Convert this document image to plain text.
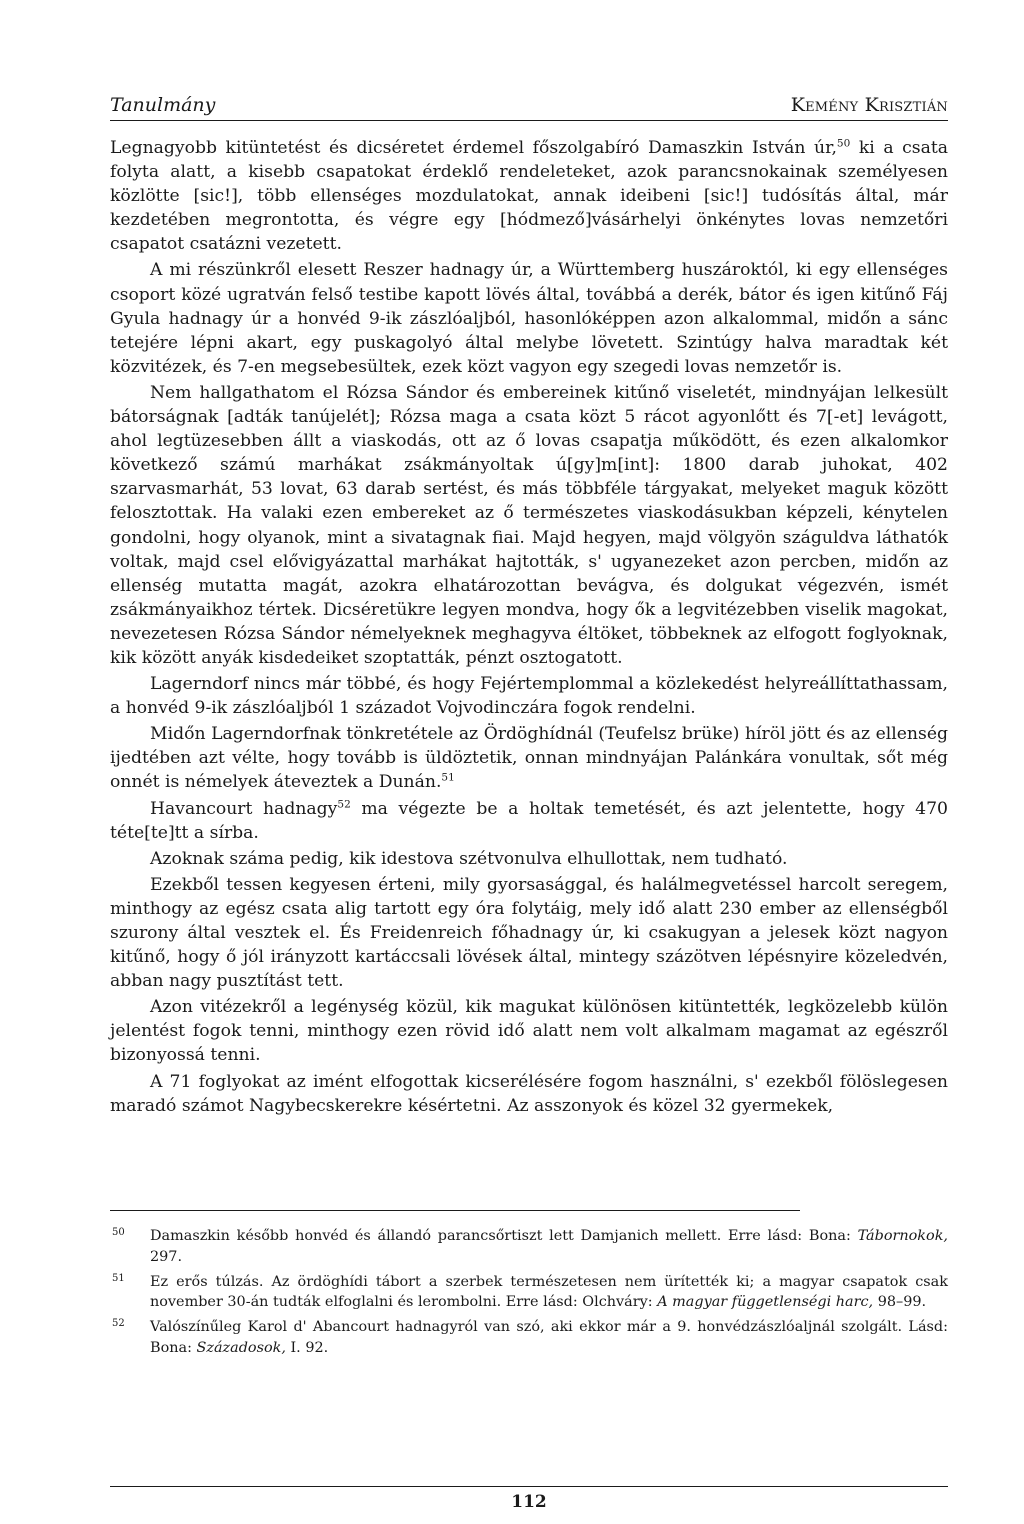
Tanulmány	Kemény Krisztián

Legnagyobb kitüntetést és dicséretet érdemel főszolgabíró Damaszkin István úr,$^{50}$ ki a csata folyta alatt, a kisebb csapatokat érdeklő rendeleteket, azok parancsnokainak személyesen közlötte [sic!], több ellenséges mozdulatokat, annak ideibeni [sic!] tudósítás által, már kezdetében megrontotta, és végre egy [hódmező]vásárhelyi önkénytes lovas nemzetőri csapatot csatázni vezetett.

A mi részünkről elesett Reszer hadnagy úr, a Württemberg huszároktól, ki egy ellenséges csoport közé ugratván felső testibe kapott lövés által, továbbá a derék, bátor és igen kitűnő Fáj Gyula hadnagy úr a honvéd 9-ik zászlóaljból, hasonlóképpen azon alkalommal, midőn a sánc tetejére lépni akart, egy puskagolyó által melybe lövetett. Szintúgy halva maradtak két közvitézek, és 7-en megsebesültek, ezek közt vagyon egy szegedi lovas nemzetőr is.

Nem hallgathatom el Rózsa Sándor és embereinek kitűnő viseletét, mindnyájan lelkesült bátorságnak [adták tanújelét]; Rózsa maga a csata közt 5 rácot agyonlőtt és 7[-et] levágott, ahol legtüzesebben állt a viaskodás, ott az ő lovas csapatja működött, és ezen alkalomkor következő számú marhákat zsákmányoltak ú[gy]m[int]: 1800 darab juhokat, 402 szarvasmarhát, 53 lovat, 63 darab sertést, és más többféle tárgyakat, melyeket maguk között felosztottak. Ha valaki ezen embereket az ő természetes viaskodásukban képzeli, kénytelen gondolni, hogy olyanok, mint a sivatagnak fiai. Majd hegyen, majd völgyön száguldva láthatók voltak, majd csel elővigyázattal marhákat hajtották, s' ugyanezeket azon percben, midőn az ellenség mutatta magát, azokra elhatározottan bevágva, és dolgukat végezvén, ismét zsákmányaikhoz tértek. Dicséretükre legyen mondva, hogy ők a legvitézebben viselik magokat, nevezetesen Rózsa Sándor némelyeknek meghagyva éltöket, többeknek az elfogott foglyoknak, kik között anyák kisdedeiket szoptatták, pénzt osztogatott.

Lagerndorf nincs már többé, és hogy Fejértemplommal a közlekedést helyreállíttathassam, a honvéd 9-ik zászlóaljból 1 századot Vojvodinczára fogok rendelni.

Midőn Lagerndorfnak tönkretétele az Ördöghídnál (Teufelsz brüke) híröl jött és az ellenség ijedtében azt vélte, hogy tovább is üldöztetik, onnan mindnyájan Palánkára vonultak, sőt még onnét is némelyek áteveztek a Dunán.$^{51}$

Havancourt hadnagy$^{52}$ ma végezte be a holtak temetését, és azt jelentette, hogy 470 téte[te]tt a sírba.

Azoknak száma pedig, kik idestova szétvonulva elhullottak, nem tudható.

Ezekből tessen kegyesen érteni, mily gyorsasággal, és halálmegvetéssel harcolt seregem, minthogy az egész csata alig tartott egy óra folytáig, mely idő alatt 230 ember az ellenségből szurony által vesztek el. És Freidenreich főhadnagy úr, ki csakugyan a jelesek közt nagyon kitűnő, hogy ő jól irányzott kartáccsali lövések által, mintegy százötven lépésnyire közeledvén, abban nagy pusztítást tett.

Azon vitézekről a legénység közül, kik magukat különösen kitüntették, legközelebb külön jelentést fogok tenni, minthogy ezen rövid idő alatt nem volt alkalmam magamat az egészről bizonyossá tenni.

A 71 foglyokat az imént elfogottak kicserélésére fogom használni, s' ezekből fölöslegesen maradó számot Nagybecskerekre késértetni. Az asszonyok és közel 32 gyermekek,

50 Damaszkin később honvéd és állandó parancsőrtiszt lett Damjanich mellett. Erre lásd: Bona: Tábornokok, 297.
51 Ez erős túlzás. Az ördöghídi tábort a szerbek természetesen nem ürítették ki; a magyar csapatok csak november 30-án tudták elfoglalni és lerombolni. Erre lásd: Olchváry: A magyar függetlenségi harc, 98–99.
52 Valószínűleg Karol d' Abancourt hadnagyról van szó, aki ekkor már a 9. honvédzászlóaljnál szolgált. Lásd: Bona: Századosok, I. 92.
112
